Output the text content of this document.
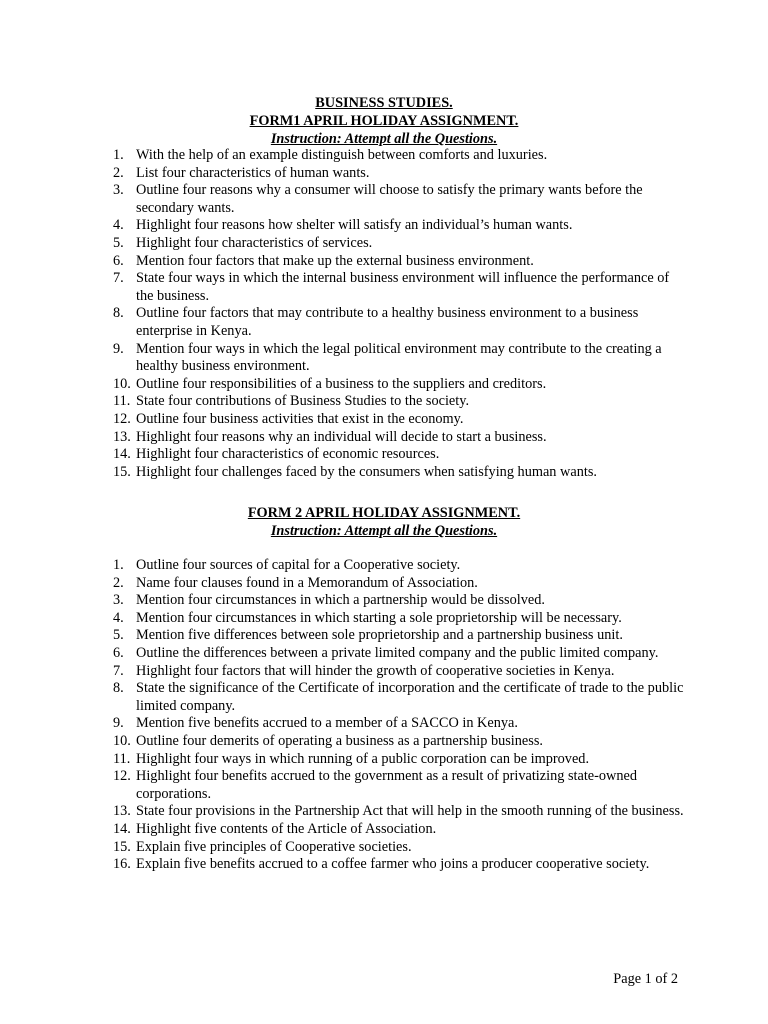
BUSINESS STUDIES.
FORM1 APRIL HOLIDAY ASSIGNMENT.
Instruction: Attempt all the Questions.
1. With the help of an example distinguish between comforts and luxuries.
2. List four characteristics of human wants.
3. Outline four reasons why a consumer will choose to satisfy the primary wants before the secondary wants.
4. Highlight four reasons how shelter will satisfy an individual’s human wants.
5. Highlight four characteristics of services.
6. Mention four factors that make up the external business environment.
7. State four ways in which the internal business environment will influence the performance of the business.
8. Outline four factors that may contribute to a healthy business environment to a business enterprise in Kenya.
9. Mention four ways in which the legal political environment may contribute to the creating a healthy business environment.
10. Outline four responsibilities of a business to the suppliers and creditors.
11. State four contributions of Business Studies to the society.
12. Outline four business activities that exist in the economy.
13. Highlight four reasons why an individual will decide to start a business.
14. Highlight four characteristics of economic resources.
15. Highlight four challenges faced by the consumers when satisfying human wants.
FORM 2 APRIL HOLIDAY ASSIGNMENT.
Instruction: Attempt all the Questions.
1. Outline four sources of capital for a Cooperative society.
2. Name four clauses found in a Memorandum of Association.
3. Mention four circumstances in which a partnership would be dissolved.
4. Mention four circumstances in which starting a sole proprietorship will be necessary.
5. Mention five differences between sole proprietorship and a partnership business unit.
6. Outline the differences between a private limited company and the public limited company.
7. Highlight four factors that will hinder the growth of cooperative societies in Kenya.
8. State the significance of the Certificate of incorporation and the certificate of trade to the public limited company.
9. Mention five benefits accrued to a member of a SACCO in Kenya.
10. Outline four demerits of operating a business as a partnership business.
11. Highlight four ways in which running of a public corporation can be improved.
12. Highlight four benefits accrued to the government as a result of privatizing state-owned corporations.
13. State four provisions in the Partnership Act that will help in the smooth running of the business.
14. Highlight five contents of the Article of Association.
15. Explain five principles of Cooperative societies.
16. Explain five benefits accrued to a coffee farmer who joins a producer cooperative society.
Page 1 of 2
